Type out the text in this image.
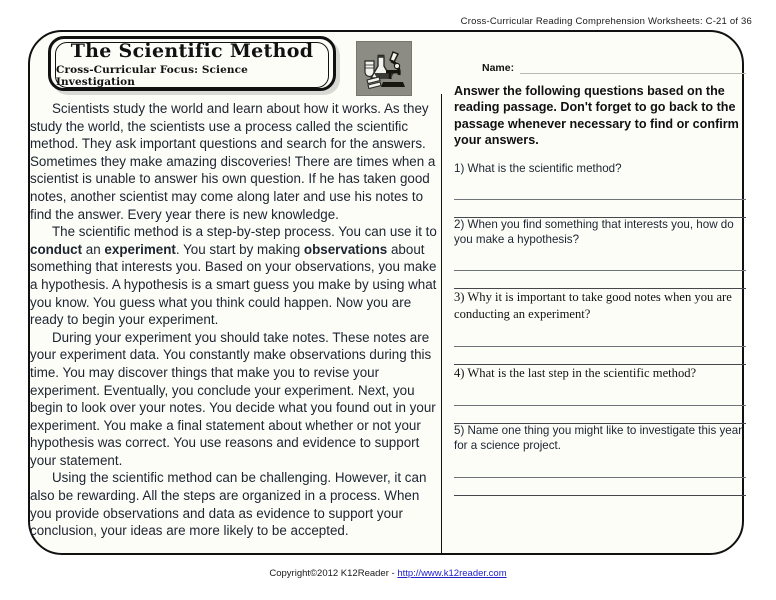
Cross-Curricular Reading Comprehension Worksheets: C-21 of 36
The Scientific Method
Cross-Curricular Focus: Science Investigation

Scientists study the world and learn about how it works. As they study the world, the scientists use a process called the scientific method. They ask important questions and search for the answers. Sometimes they make amazing discoveries! There are times when a scientist is unable to answer his own question. If he has taken good notes, another scientist may come along later and use his notes to find the answer. Every year there is new knowledge.

The scientific method is a step-by-step process. You can use it to conduct an experiment. You start by making observations about something that interests you. Based on your observations, you make a hypothesis. A hypothesis is a smart guess you make by using what you know. You guess what you think could happen. Now you are ready to begin your experiment.

During your experiment you should take notes. These notes are your experiment data. You constantly make observations during this time. You may discover things that make you to revise your experiment. Eventually, you conclude your experiment. Next, you begin to look over your notes. You decide what you found out in your experiment. You make a final statement about whether or not your hypothesis was correct. You use reasons and evidence to support your statement.

Using the scientific method can be challenging. However, it can also be rewarding. All the steps are organized in a process. When you provide observations and data as evidence to support your conclusion, your ideas are more likely to be accepted.

Name:
Answer the following questions based on the reading passage. Don't forget to go back to the passage whenever necessary to find or confirm your answers.

1) What is the scientific method?

2) When you find something that interests you, how do you make a hypothesis?

3) Why it is important to take good notes when you are conducting an experiment?

4) What is the last step in the scientific method?

5) Name one thing you might like to investigate this year for a science project.

Copyright©2012 K12Reader - http://www.k12reader.com
